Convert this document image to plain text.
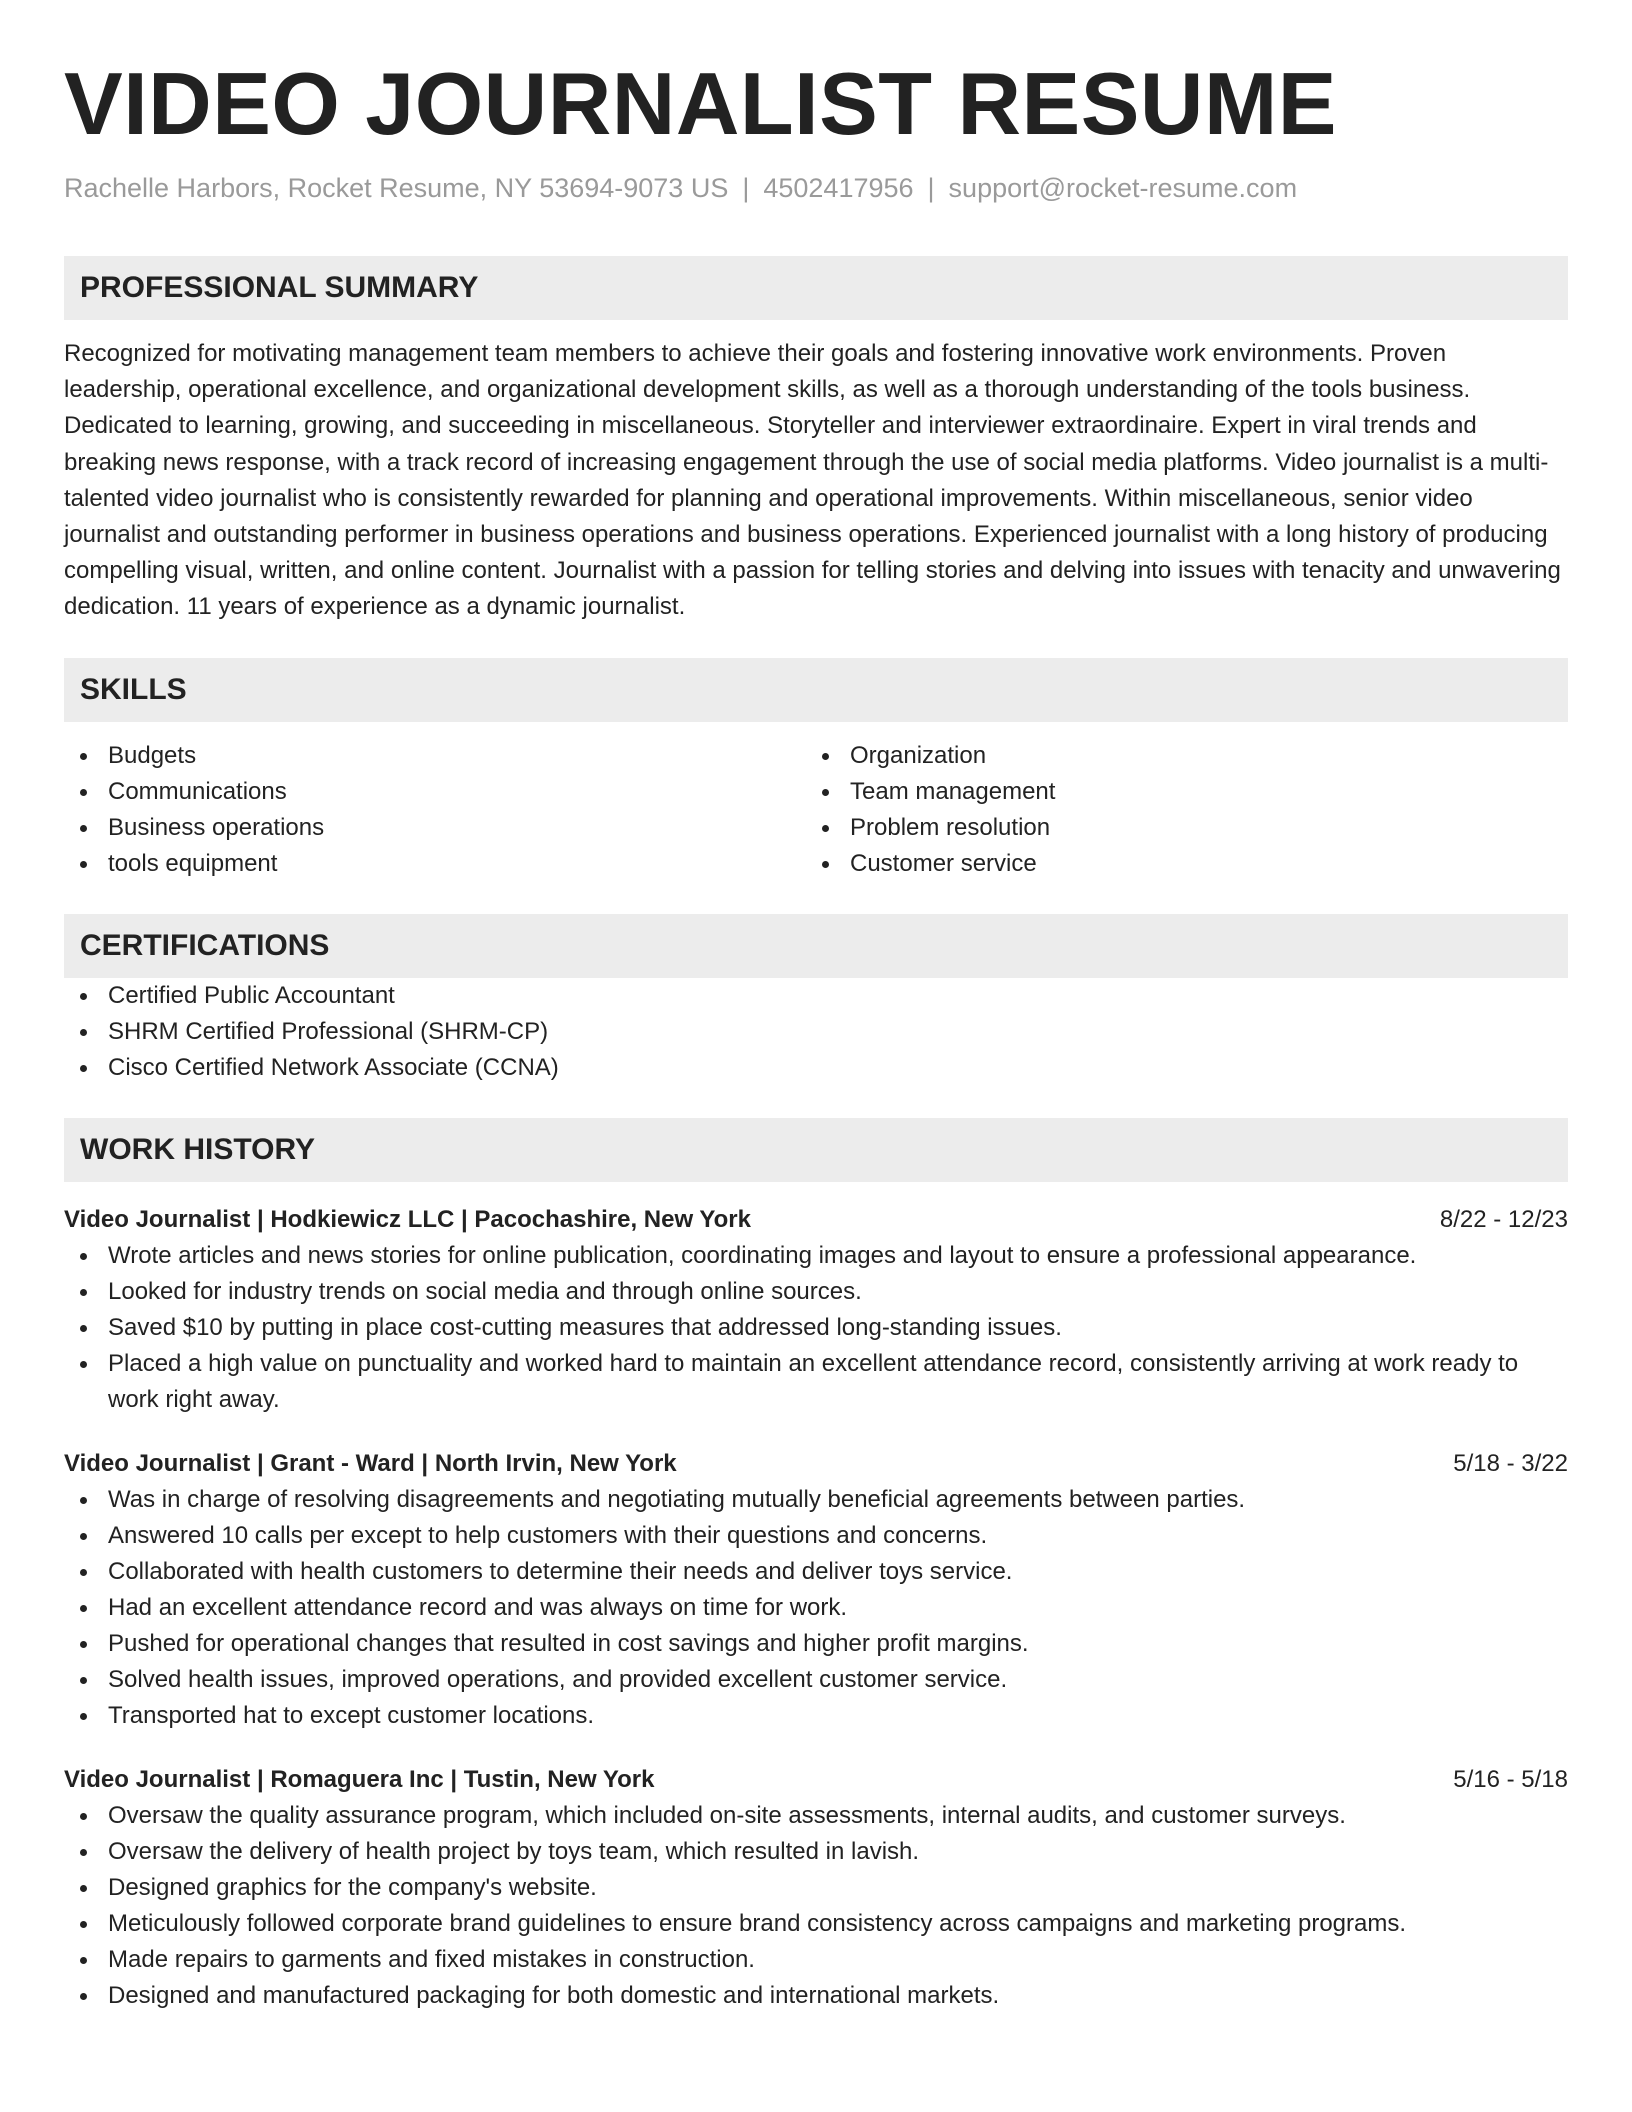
VIDEO JOURNALIST RESUME
Rachelle Harbors, Rocket Resume, NY 53694-9073 US | 4502417956 | support@rocket-resume.com
PROFESSIONAL SUMMARY

Recognized for motivating management team members to achieve their goals and fostering innovative work environments. Proven leadership, operational excellence, and organizational development skills, as well as a thorough understanding of the tools business. Dedicated to learning, growing, and succeeding in miscellaneous. Storyteller and interviewer extraordinaire. Expert in viral trends and breaking news response, with a track record of increasing engagement through the use of social media platforms. Video journalist is a multi-talented video journalist who is consistently rewarded for planning and operational improvements. Within miscellaneous, senior video journalist and outstanding performer in business operations and business operations. Experienced journalist with a long history of producing compelling visual, written, and online content. Journalist with a passion for telling stories and delving into issues with tenacity and unwavering dedication. 11 years of experience as a dynamic journalist.

SKILLS
Budgets
Communications
Business operations
tools equipment
Organization
Team management
Problem resolution
Customer service
CERTIFICATIONS
Certified Public Accountant
SHRM Certified Professional (SHRM-CP)
Cisco Certified Network Associate (CCNA)
WORK HISTORY
Video Journalist | Hodkiewicz LLC | Pacochashire, New York	8/22 - 12/23
Wrote articles and news stories for online publication, coordinating images and layout to ensure a professional appearance.
Looked for industry trends on social media and through online sources.
Saved $10 by putting in place cost-cutting measures that addressed long-standing issues.
Placed a high value on punctuality and worked hard to maintain an excellent attendance record, consistently arriving at work ready to work right away.
Video Journalist | Grant - Ward | North Irvin, New York	5/18 - 3/22
Was in charge of resolving disagreements and negotiating mutually beneficial agreements between parties.
Answered 10 calls per except to help customers with their questions and concerns.
Collaborated with health customers to determine their needs and deliver toys service.
Had an excellent attendance record and was always on time for work.
Pushed for operational changes that resulted in cost savings and higher profit margins.
Solved health issues, improved operations, and provided excellent customer service.
Transported hat to except customer locations.
Video Journalist | Romaguera Inc | Tustin, New York	5/16 - 5/18
Oversaw the quality assurance program, which included on-site assessments, internal audits, and customer surveys.
Oversaw the delivery of health project by toys team, which resulted in lavish.
Designed graphics for the company's website.
Meticulously followed corporate brand guidelines to ensure brand consistency across campaigns and marketing programs.
Made repairs to garments and fixed mistakes in construction.
Designed and manufactured packaging for both domestic and international markets.
